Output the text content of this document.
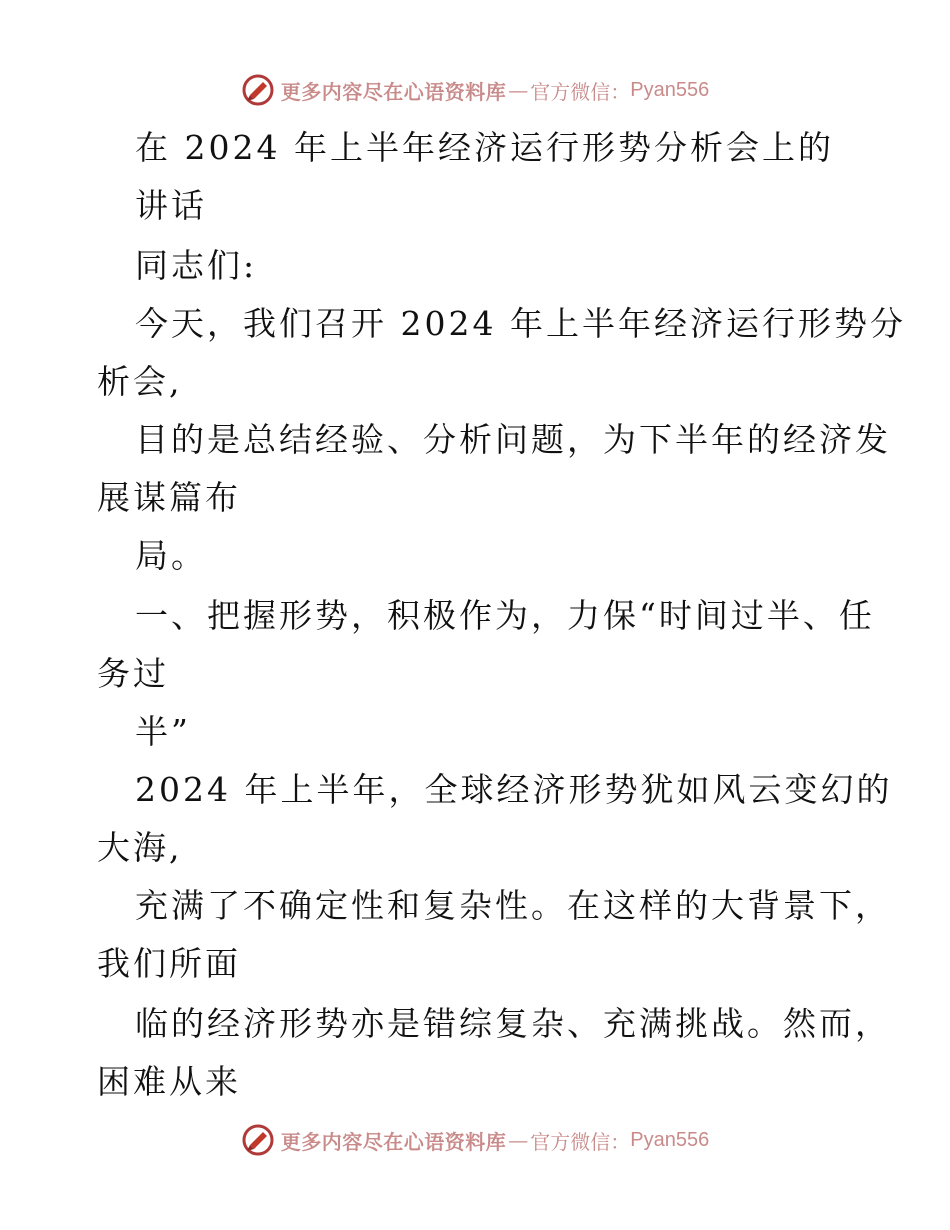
更多内容尽在心语资料库 — 官方微信： Pyan556
在 2024 年上半年经济运行形势分析会上的
讲话
同志们:
今天，我们召开 2024 年上半年经济运行形势分
析会,
目的是总结经验、分析问题，为下半年的经济发
展谋篇布
局。
一、把握形势，积极作为，力保“时间过半、任
务过
半”
2024 年上半年，全球经济形势犹如风云变幻的
大海,
充满了不确定性和复杂性。在这样的大背景下，
我们所面
临的经济形势亦是错综复杂、充满挑战。然而，
困难从来
更多内容尽在心语资料库 — 官方微信： Pyan556
